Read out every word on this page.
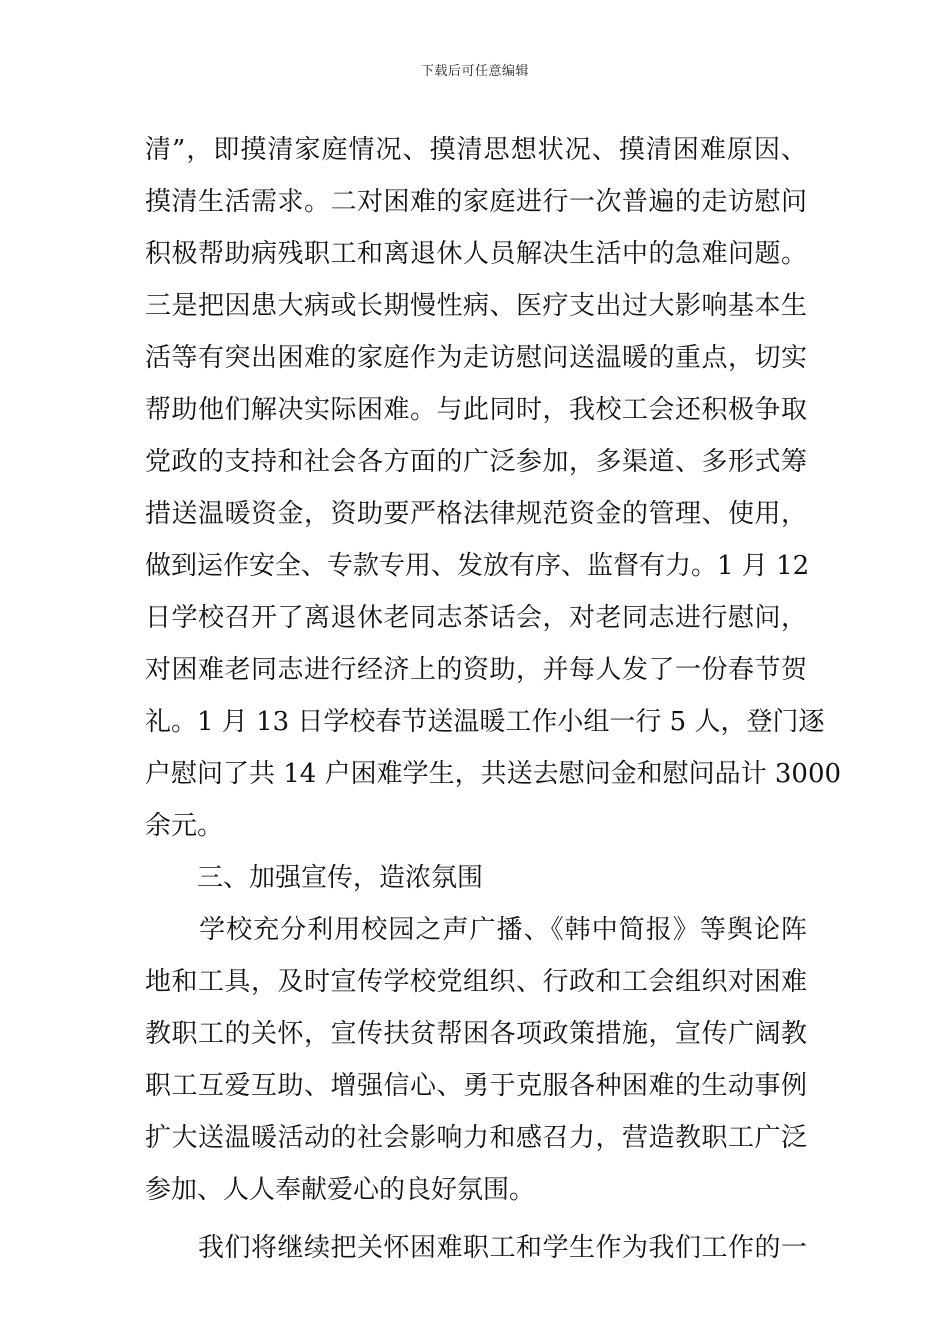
下载后可任意编辑
清”，即摸清家庭情况、摸清思想状况、摸清困难原因、
摸清生活需求。二对困难的家庭进行一次普遍的走访慰问
积极帮助病残职工和离退休人员解决生活中的急难问题。
三是把因患大病或长期慢性病、医疗支出过大影响基本生
活等有突出困难的家庭作为走访慰问送温暖的重点，切实
帮助他们解决实际困难。与此同时，我校工会还积极争取
党政的支持和社会各方面的广泛参加，多渠道、多形式筹
措送温暖资金，资助要严格法律规范资金的管理、使用，
做到运作安全、专款专用、发放有序、监督有力。1 月 12
日学校召开了离退休老同志茶话会，对老同志进行慰问，
对困难老同志进行经济上的资助，并每人发了一份春节贺
礼。1 月 13 日学校春节送温暖工作小组一行 5 人，登门逐
户慰问了共 14 户困难学生，共送去慰问金和慰问品计 3000
余元。
　　三、加强宣传，造浓氛围
　　学校充分利用校园之声广播、《韩中简报》等舆论阵
地和工具，及时宣传学校党组织、行政和工会组织对困难
教职工的关怀，宣传扶贫帮困各项政策措施，宣传广阔教
职工互爱互助、增强信心、勇于克服各种困难的生动事例
扩大送温暖活动的社会影响力和感召力，营造教职工广泛
参加、人人奉献爱心的良好氛围。
　　我们将继续把关怀困难职工和学生作为我们工作的一
